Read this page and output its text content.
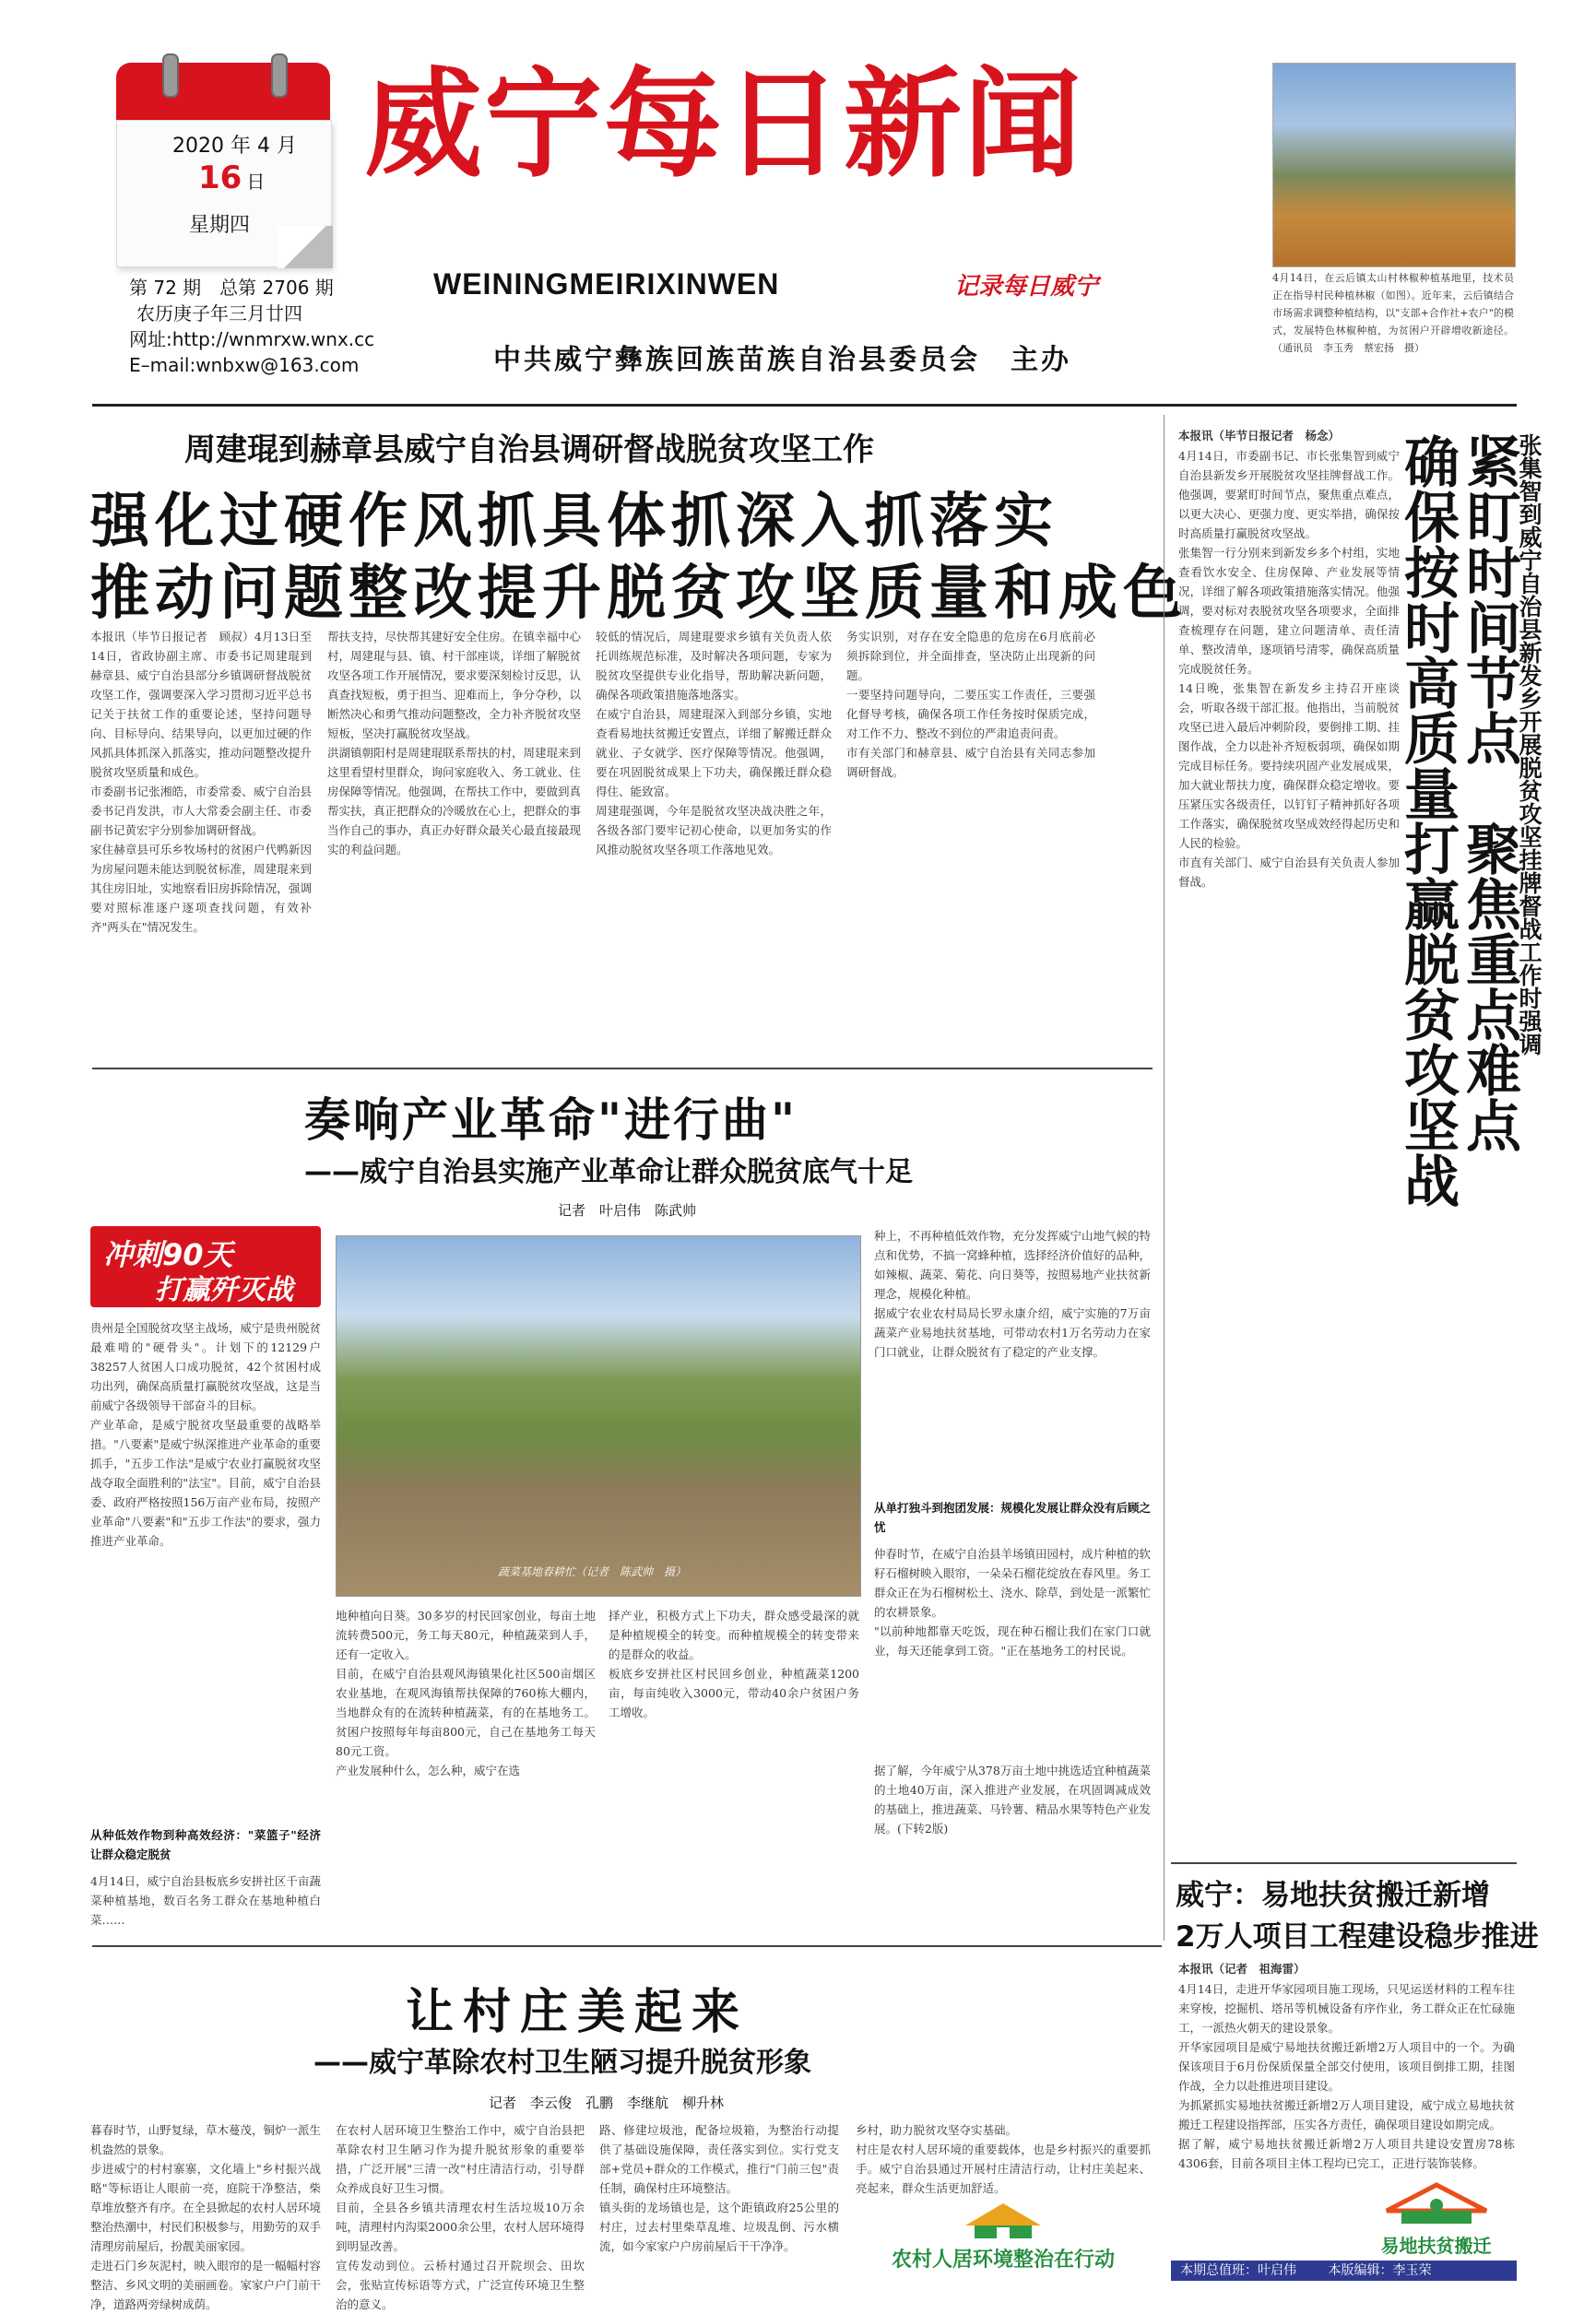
2020 年 4 月
16 日
星期四
第 72 期　总第 2706 期
农历庚子年三月廿四
网址:http://wnmrxw.wnx.cc
E–mail:wnbxw@163.com
威宁每日新闻
WEININGMEIRIXINWEN	记录每日威宁
中共威宁彝族回族苗族自治县委员会　主办
4月14日，在云后镇太山村林椒种植基地里，技术员正在指导村民种植林椒（如图）。近年来，云后镇结合市场需求调整种植结构，以"支部+合作社+农户"的模式，发展特色林椒种植，为贫困户开辟增收新途径。（通讯员　李玉秀　蔡宏扬　摄）
周建琨到赫章县威宁自治县调研督战脱贫攻坚工作
强化过硬作风抓具体抓深入抓落实
推动问题整改提升脱贫攻坚质量和成色
本报讯（毕节日报记者　顾叔）4月13日至14日，省政协副主席、市委书记周建琨到赫章县、威宁自治县部分乡镇调研督战脱贫攻坚工作，强调要深入学习贯彻习近平总书记关于扶贫工作的重要论述，坚持问题导向、目标导向、结果导向，以更加过硬的作风抓具体抓深入抓落实，推动问题整改提升脱贫攻坚质量和成色。
市委副书记张湘皓，市委常委、威宁自治县委书记肖发洪，市人大常委会副主任、市委副书记黄宏宇分别参加调研督战。
家住赫章县可乐乡牧场村的贫困户代鸭新因为房屋问题未能达到脱贫标准，周建琨来到其住房旧址，实地察看旧房拆除情况，强调要对照标准逐户逐项查找问题，有效补齐"两头在"情况发生。
帮扶支持，尽快帮其建好安全住房。在镇幸福中心村，周建琨与县、镇、村干部座谈，详细了解脱贫攻坚各项工作开展情况，要求要深刻检讨反思，认真查找短板，勇于担当、迎难而上，争分夺秒，以断然决心和勇气推动问题整改，全力补齐脱贫攻坚短板，坚决打赢脱贫攻坚战。
洪湖镇朝阳村是周建琨联系帮扶的村，周建琨来到这里看望村里群众，询问家庭收入、务工就业、住房保障等情况。他强调，在帮扶工作中，要做到真帮实扶，真正把群众的冷暖放在心上，把群众的事当作自己的事办，真正办好群众最关心最直接最现实的利益问题。
较低的情况后，周建琨要求乡镇有关负责人依托训练规范标准，及时解决各项问题，专家为脱贫攻坚提供专业化指导，帮助解决新问题，确保各项政策措施落地落实。
在威宁自治县，周建琨深入到部分乡镇，实地查看易地扶贫搬迁安置点，详细了解搬迁群众就业、子女就学、医疗保障等情况。他强调，要在巩固脱贫成果上下功夫，确保搬迁群众稳得住、能致富。
周建琨强调，今年是脱贫攻坚决战决胜之年，各级各部门要牢记初心使命，以更加务实的作风推动脱贫攻坚各项工作落地见效。
务实识别，对存在安全隐患的危房在6月底前必须拆除到位，并全面排查，坚决防止出现新的问题。
一要坚持问题导向，二要压实工作责任，三要强化督导考核，确保各项工作任务按时保质完成，对工作不力、整改不到位的严肃追责问责。
市有关部门和赫章县、威宁自治县有关同志参加调研督战。
本报讯（毕节日报记者　杨念）
4月14日，市委副书记、市长张集智到威宁自治县新发乡开展脱贫攻坚挂牌督战工作。他强调，要紧盯时间节点，聚焦重点难点，以更大决心、更强力度、更实举措，确保按时高质量打赢脱贫攻坚战。
张集智一行分别来到新发乡多个村组，实地查看饮水安全、住房保障、产业发展等情况，详细了解各项政策措施落实情况。他强调，要对标对表脱贫攻坚各项要求，全面排查梳理存在问题，建立问题清单、责任清单、整改清单，逐项销号清零，确保高质量完成脱贫任务。
14日晚，张集智在新发乡主持召开座谈会，听取各级干部汇报。他指出，当前脱贫攻坚已进入最后冲刺阶段，要倒排工期、挂图作战，全力以赴补齐短板弱项，确保如期完成目标任务。要持续巩固产业发展成果，加大就业帮扶力度，确保群众稳定增收。要压紧压实各级责任，以钉钉子精神抓好各项工作落实，确保脱贫攻坚成效经得起历史和人民的检验。
市直有关部门、威宁自治县有关负责人参加督战。	紧盯时间节点　聚焦重点难点
确保按时高质量打赢脱贫攻坚战	张集智到威宁自治县新发乡开展脱贫攻坚挂牌督战工作时强调
奏响产业革命"进行曲"
——威宁自治县实施产业革命让群众脱贫底气十足
记者　叶启伟　陈武帅
冲刺90天
打赢歼灭战
贵州是全国脱贫攻坚主战场，威宁是贵州脱贫最难啃的"硬骨头"。计划下的12129户38257人贫困人口成功脱贫，42个贫困村成功出列，确保高质量打赢脱贫攻坚战，这是当前威宁各级领导干部奋斗的目标。
产业革命，是威宁脱贫攻坚最重要的战略举措。"八要素"是威宁纵深推进产业革命的重要抓手，"五步工作法"是威宁农业打赢脱贫攻坚战夺取全面胜利的"法宝"。目前，威宁自治县委、政府严格按照156万亩产业布局，按照产业革命"八要素"和"五步工作法"的要求，强力推进产业革命。
从种低效作物到种高效经济："菜篮子"经济让群众稳定脱贫
4月14日，威宁自治县板底乡安拼社区千亩蔬菜种植基地，数百名务工群众在基地种植白菜……
蔬菜基地春耕忙（记者　陈武帅　摄）
地种植向日葵。30多岁的村民回家创业，每亩土地流转费500元，务工每天80元，种植蔬菜到人手，还有一定收入。
目前，在威宁自治县观风海镇果化社区500亩烟区农业基地，在观风海镇帮扶保障的760栋大棚内，当地群众有的在流转种植蔬菜，有的在基地务工。贫困户按照每年每亩800元，自己在基地务工每天80元工资。
产业发展种什么，怎么种，威宁在选
择产业，积极方式上下功夫，群众感受最深的就是种植规模全的转变。而种植规模全的转变带来的是群众的收益。
板底乡安拼社区村民回乡创业，种植蔬菜1200亩，每亩纯收入3000元，带动40余户贫困户务工增收。
种上，不再种植低效作物，充分发挥威宁山地气候的特点和优势，不搞一窝蜂种植，选择经济价值好的品种，如辣椒、蔬菜、菊花、向日葵等，按照易地产业扶贫新理念，规模化种植。
据威宁农业农村局局长罗永康介绍，威宁实施的7万亩蔬菜产业易地扶贫基地，可带动农村1万名劳动力在家门口就业，让群众脱贫有了稳定的产业支撑。
从单打独斗到抱团发展：规模化发展让群众没有后顾之忧
仲春时节，在威宁自治县羊场镇田园村，成片种植的软籽石榴树映入眼帘，一朵朵石榴花绽放在春风里。务工群众正在为石榴树松土、浇水、除草，到处是一派繁忙的农耕景象。
"以前种地都靠天吃饭，现在种石榴让我们在家门口就业，每天还能拿到工资。"正在基地务工的村民说。
据了解，今年威宁从378万亩土地中挑选适宜种植蔬菜的土地40万亩，深入推进产业发展，在巩固调减成效的基础上，推进蔬菜、马铃薯、精品水果等特色产业发展。(下转2版)
让村庄美起来
——威宁革除农村卫生陋习提升脱贫形象
记者　李云俊　孔鹏　李继航　柳升林
暮春时节，山野复绿，草木蔓茂，铜炉一派生机盎然的景象。
步进威宁的村村寨寨，文化墙上"乡村振兴战略"等标语让人眼前一亮，庭院干净整洁，柴草堆放整齐有序。在全县掀起的农村人居环境整治热潮中，村民们积极参与，用勤劳的双手清理房前屋后，扮靓美丽家园。
走进石门乡灰泥村，映入眼帘的是一幅幅村容整洁、乡风文明的美丽画卷。家家户户门前干净，道路两旁绿树成荫。
在农村人居环境卫生整治工作中，威宁自治县把革除农村卫生陋习作为提升脱贫形象的重要举措，广泛开展"三清一改"村庄清洁行动，引导群众养成良好卫生习惯。
目前，全县各乡镇共清理农村生活垃圾10万余吨，清理村内沟渠2000余公里，农村人居环境得到明显改善。
宣传发动到位。云桥村通过召开院坝会、田坎会，张贴宣传标语等方式，广泛宣传环境卫生整治的意义。
路、修建垃圾池，配备垃圾箱，为整治行动提供了基础设施保障，责任落实到位。实行党支部+党员+群众的工作模式，推行"门前三包"责任制，确保村庄环境整洁。
镇头街的龙场镇也是，这个距镇政府25公里的村庄，过去村里柴草乱堆、垃圾乱倒、污水横流，如今家家户户房前屋后干干净净。
乡村，助力脱贫攻坚夺实基础。
村庄是农村人居环境的重要载体，也是乡村振兴的重要抓手。威宁自治县通过开展村庄清洁行动，让村庄美起来、亮起来，群众生活更加舒适。
农村人居环境整治在行动
威宁：易地扶贫搬迁新增
2万人项目工程建设稳步推进
本报讯（记者　祖海雷）
4月14日，走进开华家园项目施工现场，只见运送材料的工程车往来穿梭，挖掘机、塔吊等机械设备有序作业，务工群众正在忙碌施工，一派热火朝天的建设景象。
开华家园项目是威宁易地扶贫搬迁新增2万人项目中的一个。为确保该项目于6月份保质保量全部交付使用，该项目倒排工期，挂图作战，全力以赴推进项目建设。
为抓紧抓实易地扶贫搬迁新增2万人项目建设，威宁成立易地扶贫搬迁工程建设指挥部，压实各方责任，确保项目建设如期完成。
据了解，威宁易地扶贫搬迁新增2万人项目共建设安置房78栋4306套，目前各项目主体工程均已完工，正进行装饰装修。
易地扶贫搬迁
本期总值班：叶启伟 本版编辑：李玉荣
